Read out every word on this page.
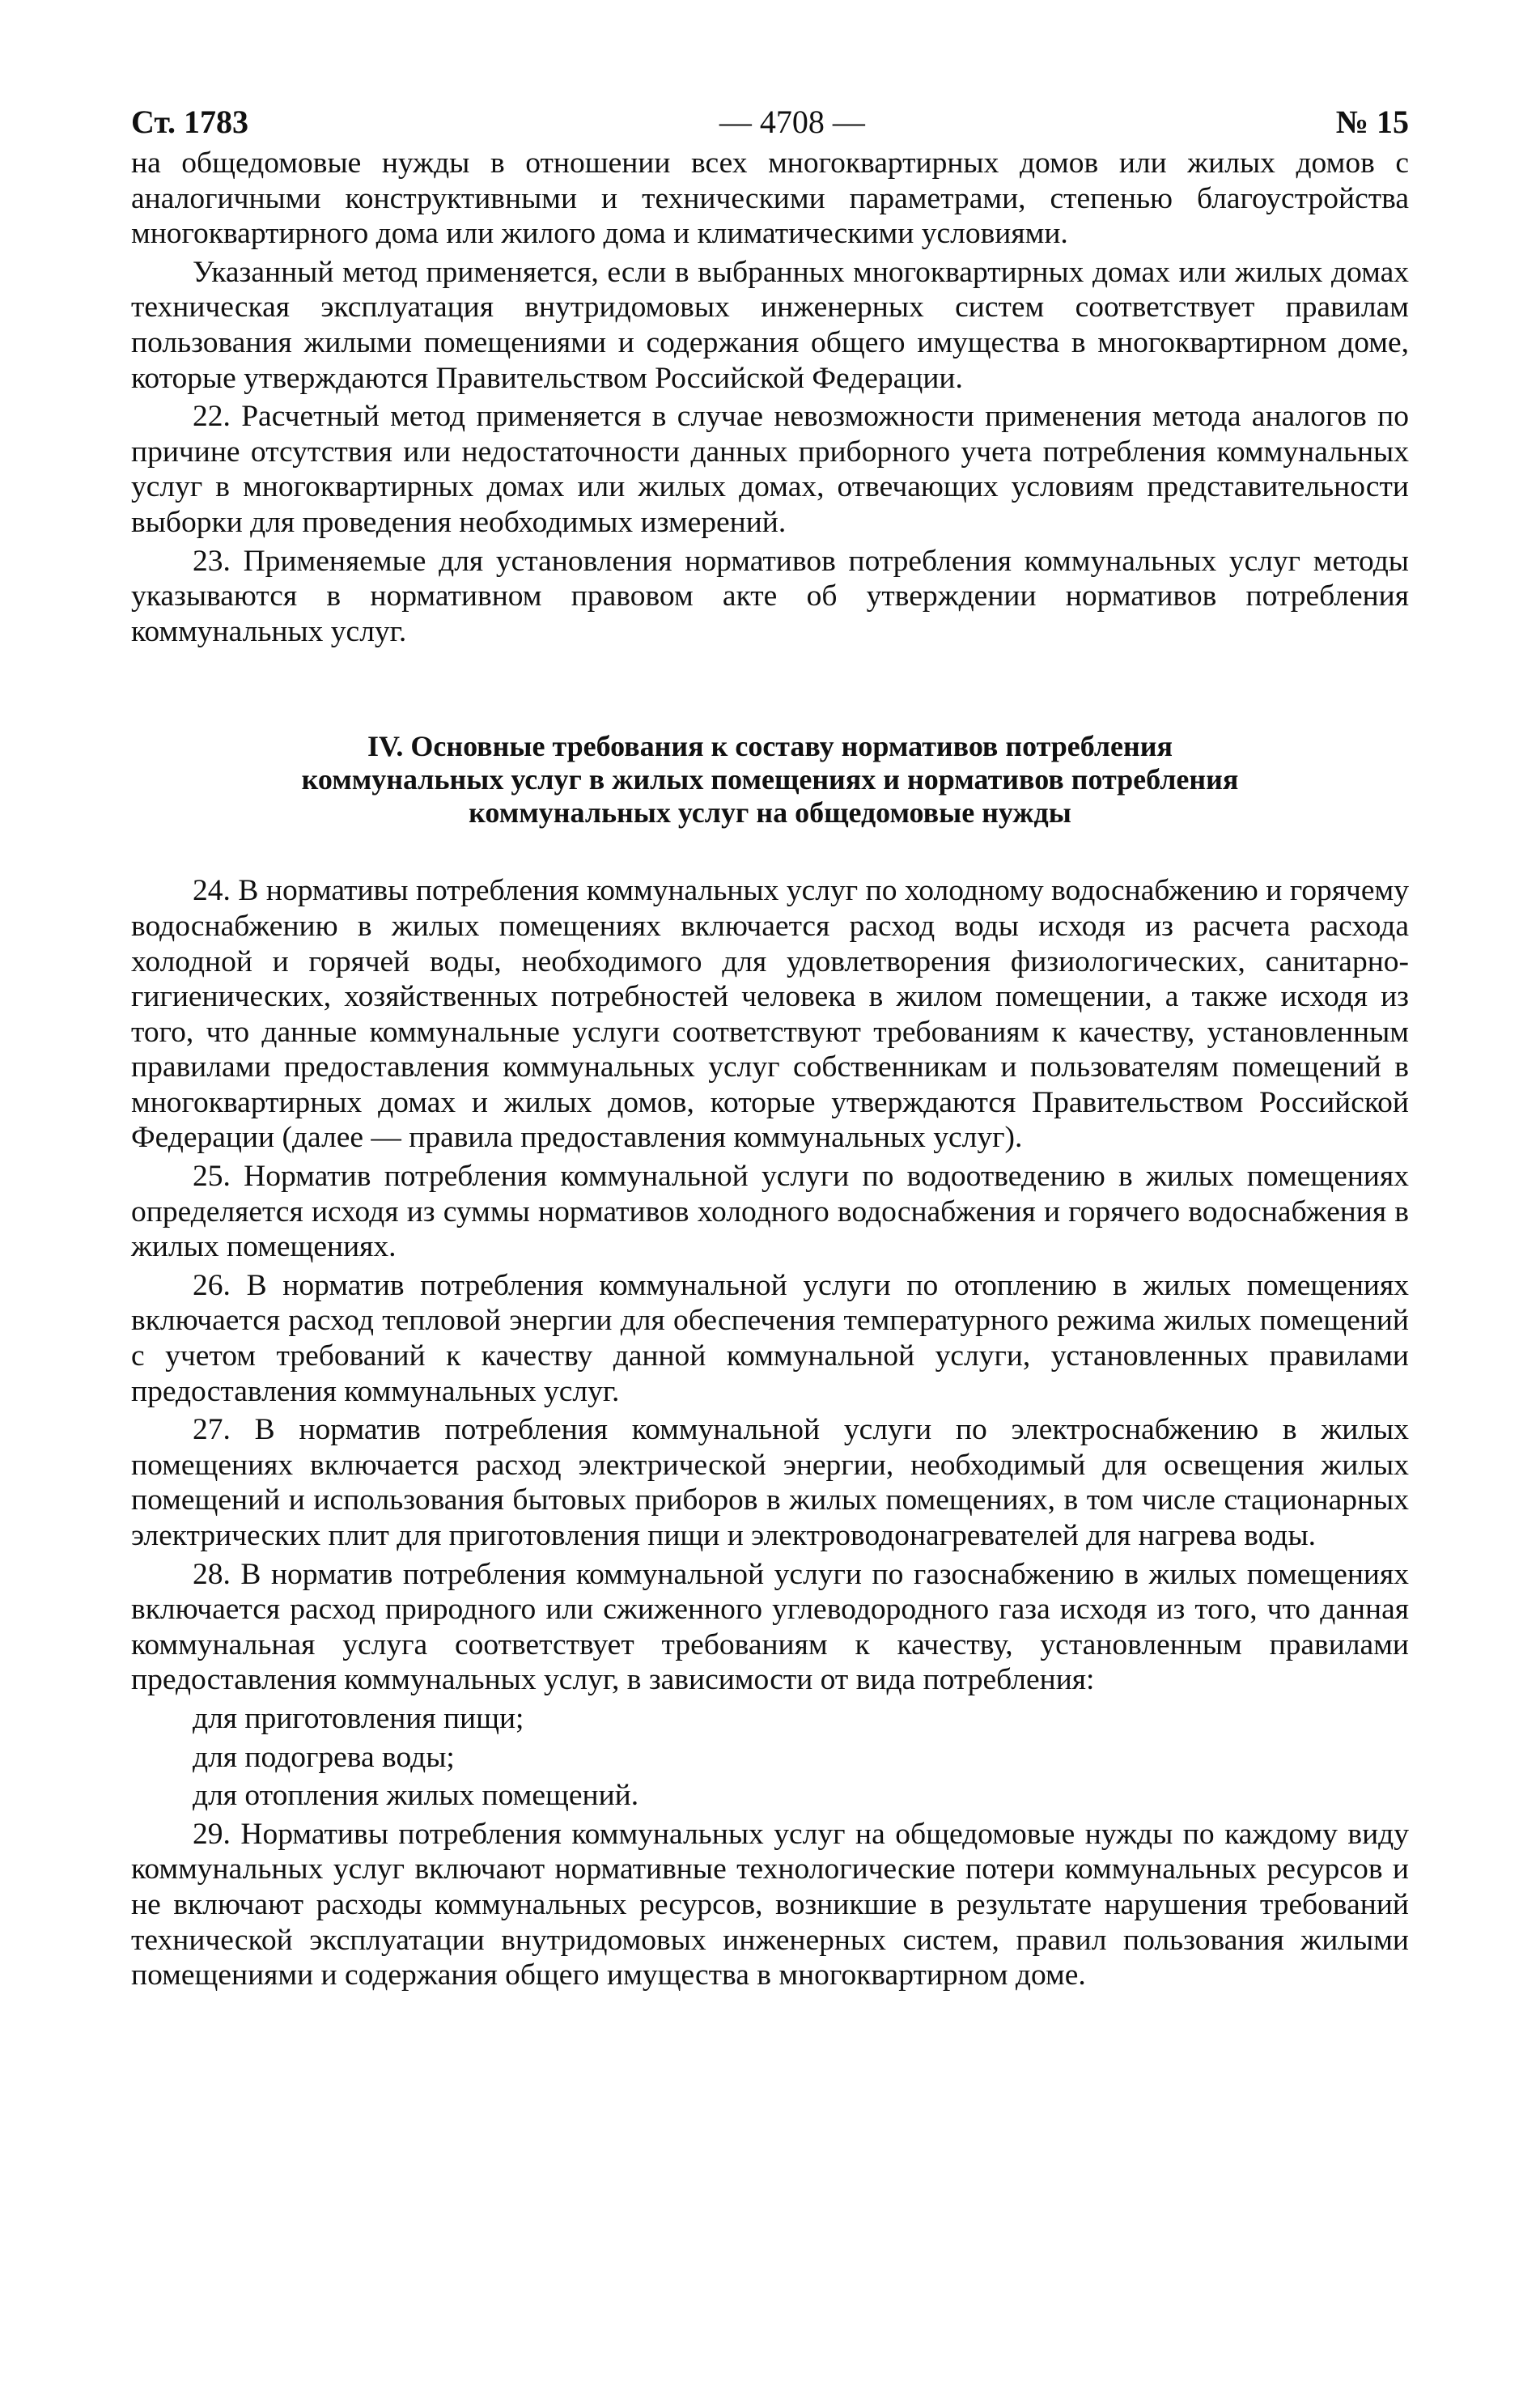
Ст. 1783	— 4708 —	№ 15

на общедомовые нужды в отношении всех многоквартирных домов или жилых домов с аналогичными конструктивными и техническими параметрами, степенью благоустройства многоквартирного дома или жилого дома и климатическими условиями.

Указанный метод применяется, если в выбранных многоквартирных домах или жилых домах техническая эксплуатация внутридомовых инженерных систем соответствует правилам пользования жилыми помещениями и содержания общего имущества в многоквартирном доме, которые утверждаются Правительством Российской Федерации.

22. Расчетный метод применяется в случае невозможности применения метода аналогов по причине отсутствия или недостаточности данных приборного учета потребления коммунальных услуг в многоквартирных домах или жилых домах, отвечающих условиям представительности выборки для проведения необходимых измерений.

23. Применяемые для установления нормативов потребления коммунальных услуг методы указываются в нормативном правовом акте об утверждении нормативов потребления коммунальных услуг.

IV. Основные требования к составу нормативов потребления
коммунальных услуг в жилых помещениях и нормативов потребления
коммунальных услуг на общедомовые нужды

24. В нормативы потребления коммунальных услуг по холодному водоснабжению и горячему водоснабжению в жилых помещениях включается расход воды исходя из расчета расхода холодной и горячей воды, необходимого для удовлетворения физиологических, санитарно-гигиенических, хозяйственных потребностей человека в жилом помещении, а также исходя из того, что данные коммунальные услуги соответствуют требованиям к качеству, установленным правилами предоставления коммунальных услуг собственникам и пользователям помещений в многоквартирных домах и жилых домов, которые утверждаются Правительством Российской Федерации (далее — правила предоставления коммунальных услуг).

25. Норматив потребления коммунальной услуги по водоотведению в жилых помещениях определяется исходя из суммы нормативов холодного водоснабжения и горячего водоснабжения в жилых помещениях.

26. В норматив потребления коммунальной услуги по отоплению в жилых помещениях включается расход тепловой энергии для обеспечения температурного режима жилых помещений с учетом требований к качеству данной коммунальной услуги, установленных правилами предоставления коммунальных услуг.

27. В норматив потребления коммунальной услуги по электроснабжению в жилых помещениях включается расход электрической энергии, необходимый для освещения жилых помещений и использования бытовых приборов в жилых помещениях, в том числе стационарных электрических плит для приготовления пищи и электроводонагревателей для нагрева воды.

28. В норматив потребления коммунальной услуги по газоснабжению в жилых помещениях включается расход природного или сжиженного углеводородного газа исходя из того, что данная коммунальная услуга соответствует требованиям к качеству, установленным правилами предоставления коммунальных услуг, в зависимости от вида потребления:

для приготовления пищи;

для подогрева воды;

для отопления жилых помещений.

29. Нормативы потребления коммунальных услуг на общедомовые нужды по каждому виду коммунальных услуг включают нормативные технологические потери коммунальных ресурсов и не включают расходы коммунальных ресурсов, возникшие в результате нарушения требований технической эксплуатации внутридомовых инженерных систем, правил пользования жилыми помещениями и содержания общего имущества в многоквартирном доме.
